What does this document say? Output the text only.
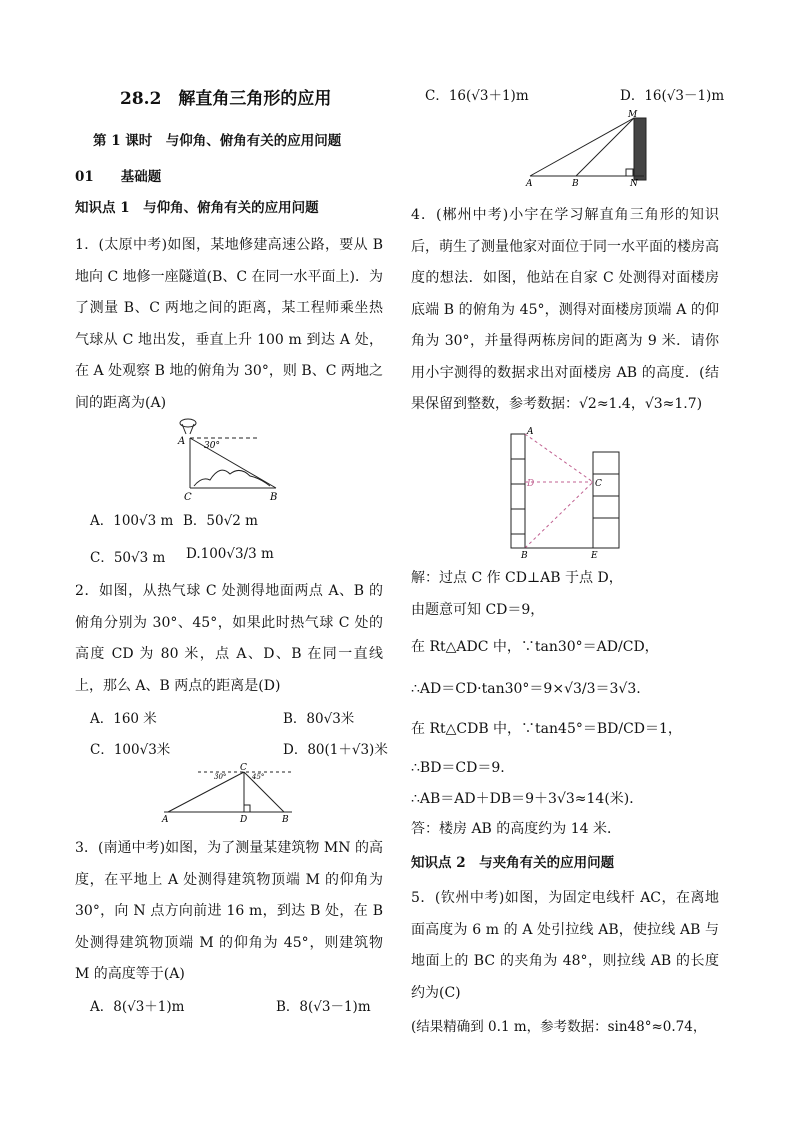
28.2　解直角三角形的应用
第 1 课时　与仰角、俯角有关的应用问题
01　　基础题
知识点 1　与仰角、俯角有关的应用问题
1．(太原中考)如图，某地修建高速公路，要从 B 地向 C 地修一座隧道(B、C 在同一水平面上)．为了测量 B、C 两地之间的距离，某工程师乘坐热气球从 C 地出发，垂直上升 100 m 到达 A 处，在 A 处观察 B 地的俯角为 30°，则 B、C 两地之间的距离为(A)
A
C	B
30°
A．100√3 m B．50√2 m
C．50√3 m D.100√3/3 m
2．如图，从热气球 C 处测得地面两点 A、B 的俯角分别为 30°、45°，如果此时热气球 C 处的高度 CD 为 80 米，点 A、D、B 在同一直线上，那么 A、B 两点的距离是(D)
A．160 米	B．80√3米
C．100√3米	D．80(1＋√3)米
C
A	D	B
30°	45°
3．(南通中考)如图，为了测量某建筑物 MN 的高度，在平地上 A 处测得建筑物顶端 M 的仰角为 30°，向 N 点方向前进 16 m，到达 B 处，在 B 处测得建筑物顶端 M 的仰角为 45°，则建筑物 M 的高度等于(A)
A．8(√3＋1)m	B．8(√3－1)m
C．16(√3＋1)m	D．16(√3－1)m
M
A	B	N
4．(郴州中考)小宇在学习解直角三角形的知识后，萌生了测量他家对面位于同一水平面的楼房高度的想法．如图，他站在自家 C 处测得对面楼房底端 B 的俯角为 45°，测得对面楼房顶端 A 的仰角为 30°，并量得两栋房间的距离为 9 米．请你用小宇测得的数据求出对面楼房 AB 的高度．(结果保留到整数，参考数据：√2≈1.4，√3≈1.7)
A
D
B
C
E
解：过点 C 作 CD⊥AB 于点 D，
由题意可知 CD＝9，
在 Rt△ADC 中，∵tan30°＝AD/CD，
∴AD＝CD·tan30°＝9×√3/3＝3√3.
在 Rt△CDB 中，∵tan45°＝BD/CD＝1，
∴BD＝CD＝9.
∴AB＝AD＋DB＝9＋3√3≈14(米)．
答：楼房 AB 的高度约为 14 米．
知识点 2　与夹角有关的应用问题
5．(钦州中考)如图，为固定电线杆 AC，在离地面高度为 6 m 的 A 处引拉线 AB，使拉线 AB 与地面上的 BC 的夹角为 48°，则拉线 AB 的长度约为(C)
(结果精确到 0.1 m，参考数据：sin48°≈0.74，
